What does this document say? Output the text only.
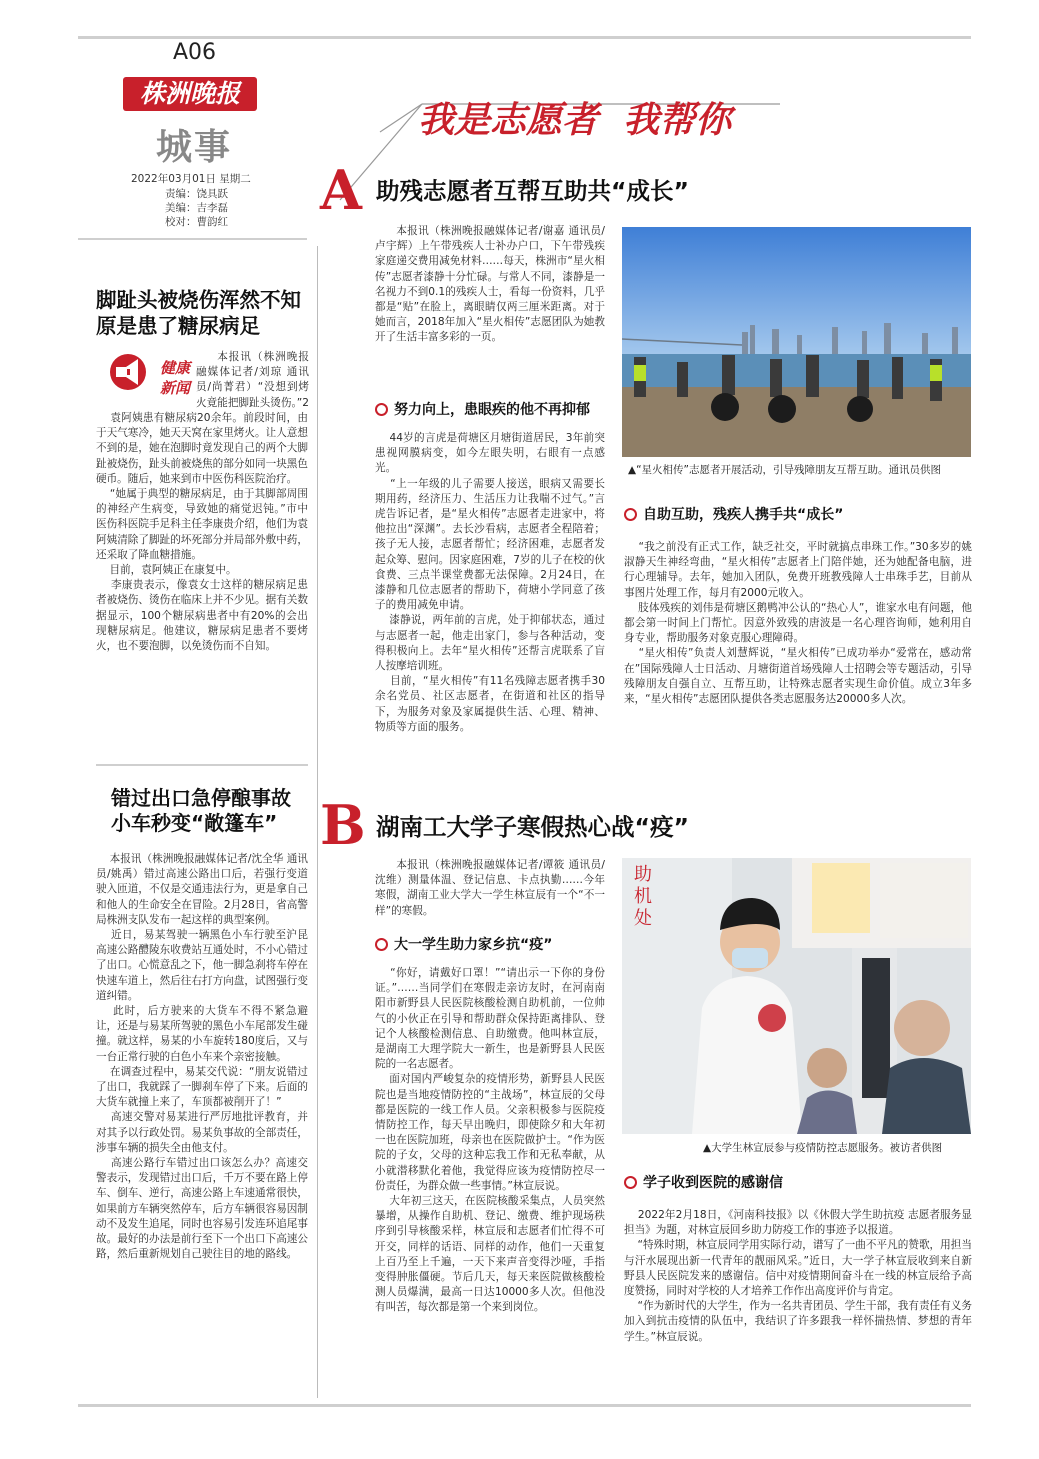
A06
株洲晚报
城事
2022年03月01日 星期二
责编：饶具跃
美编：吉李磊
校对：曹韵红
我是志愿者  我帮你
脚趾头被烧伤浑然不知
原是患了糖尿病足
健康
新闻
本报讯（株洲晚报融媒体记者/刘琼 通讯员/尚菁君）“没想到烤火竟能把脚趾头烫伤。”2
袁阿姨患有糖尿病20余年。前段时间，由于天气寒冷，她天天窝在家里烤火。让人意想不到的是，她在泡脚时竟发现自己的两个大脚趾被烧伤，趾头前被烧焦的部分如同一块黑色硬币。随后，她来到市中医伤科医院治疗。
“她属于典型的糖尿病足，由于其脚部周围的神经产生病变，导致她的痛觉迟钝。”市中医伤科医院手足科主任李康贵介绍，他们为袁阿姨清除了脚趾的坏死部分并局部外敷中药，还采取了降血糖措施。
目前，袁阿姨正在康复中。
李康贵表示，像袁女士这样的糖尿病足患者被烧伤、烫伤在临床上并不少见。据有关数据显示，100个糖尿病患者中有20%的会出现糖尿病足。他建议，糖尿病足患者不要烤火，也不要泡脚，以免烫伤而不自知。
错过出口急停酿事故
小车秒变“敞篷车”
本报讯（株洲晚报融媒体记者/沈全华 通讯员/姚禹）错过高速公路出口后，若强行变道驶入匝道，不仅是交通违法行为，更是拿自己和他人的生命安全在冒险。2月28日，省高警局株洲支队发布一起这样的典型案例。
近日，易某驾驶一辆黑色小车行驶至沪昆高速公路醴陵东收费站互通处时，不小心错过了出口。心慌意乱之下，他一脚急刹将车停在快速车道上，然后往右打方向盘，试图强行变道纠错。
此时，后方驶来的大货车不得不紧急避让，还是与易某所驾驶的黑色小车尾部发生碰撞。就这样，易某的小车旋转180度后，又与一台正常行驶的白色小车来个亲密接触。
在调查过程中，易某交代说：“朋友说错过了出口，我就踩了一脚刹车停了下来。后面的大货车就撞上来了，车顶都被削开了！”
高速交警对易某进行严厉地批评教育，并对其予以行政处罚。易某负事故的全部责任，涉事车辆的损失全由他支付。
高速公路行车错过出口该怎么办？高速交警表示，发现错过出口后，千万不要在路上停车、倒车、逆行，高速公路上车速通常很快，如果前方车辆突然停车，后方车辆很容易因制动不及发生追尾，同时也容易引发连环追尾事故。最好的办法是前行至下一个出口下高速公路，然后重新规划自己驶往目的地的路线。
A 助残志愿者互帮互助共“成长”
本报讯（株洲晚报融媒体记者/谢嘉 通讯员/卢宇辉）上午带残疾人士补办户口，下午带残疾家庭递交费用减免材料……每天，株洲市“星火相传”志愿者漆静十分忙碌。与常人不同，漆静是一名视力不到0.1的残疾人士，看每一份资料，几乎都是“贴”在脸上，离眼睛仅两三厘米距离。对于她而言，2018年加入“星火相传”志愿团队为她教开了生活丰富多彩的一页。
努力向上，患眼疾的他不再抑郁
44岁的言虎是荷塘区月塘街道居民，3年前突患视网膜病变，如今左眼失明，右眼有一点感光。
“上一年级的儿子需要人接送，眼病又需要长期用药，经济压力、生活压力让我喘不过气。”言虎告诉记者，是“星火相传”志愿者走进家中，将他拉出“深渊”。去长沙看病，志愿者全程陪着；孩子无人接，志愿者帮忙；经济困难，志愿者发起众筹、慰问。因家庭困难，7岁的儿子在校的伙食费、三点半课堂费都无法保障。2月24日，在漆静和几位志愿者的帮助下，荷塘小学同意了孩子的费用减免申请。
漆静说，两年前的言虎，处于抑郁状态，通过与志愿者一起，他走出家门，参与各种活动，变得积极向上。去年“星火相传”还帮言虎联系了盲人按摩培训班。
目前，“星火相传”有11名残障志愿者携手30余名党员、社区志愿者，在街道和社区的指导下，为服务对象及家属提供生活、心理、精神、物质等方面的服务。
▲“星火相传”志愿者开展活动，引导残障朋友互帮互助。通讯员供图
自助互助，残疾人携手共“成长”
“我之前没有正式工作，缺乏社交，平时就搞点串珠工作。”30多岁的姚淑静天生神经弯曲，“星火相传”志愿者上门陪伴她，还为她配备电脑，进行心理辅导。去年，她加入团队，免费开班教残障人士串珠手艺，目前从事图片处理工作，每月有2000元收入。
肢体残疾的刘伟是荷塘区鹅鸭冲公认的“热心人”，谁家水电有问题，他都会第一时间上门帮忙。因意外致残的唐波是一名心理咨询师，她利用自身专业，帮助服务对象克服心理障碍。
“星火相传”负责人刘慧辉说，“星火相传”已成功举办“爱常在，感动常在”国际残障人士日活动、月塘街道首场残障人士招聘会等专题活动，引导残障朋友自强自立、互帮互助，让特殊志愿者实现生命价值。成立3年多来，“星火相传”志愿团队提供各类志愿服务达20000多人次。
B 湖南工大学子寒假热心战“疫”
本报讯（株洲晚报融媒体记者/谭筱 通讯员/沈维）测量体温、登记信息、卡点执勤……今年寒假，湖南工业大学大一学生林宣辰有一个“不一样”的寒假。
大一学生助力家乡抗“疫”
“你好，请戴好口罩！”“请出示一下你的身份证。”……当同学们在寒假走亲访友时，在河南南阳市新野县人民医院核酸检测自助机前，一位帅气的小伙正在引导和帮助群众保持距离排队、登记个人核酸检测信息、自助缴费。他叫林宣辰，是湖南工大理学院大一新生，也是新野县人民医院的一名志愿者。
面对国内严峻复杂的疫情形势，新野县人民医院也是当地疫情防控的“主战场”，林宣辰的父母都是医院的一线工作人员。父亲积极参与医院疫情防控工作，每天早出晚归，即使除夕和大年初一也在医院加班，母亲也在医院做护士。“作为医院的子女，父母的这种忘我工作和无私奉献，从小就潜移默化着他，我觉得应该为疫情防控尽一份责任，为群众做一些事情。”林宣辰说。
大年初三这天，在医院核酸采集点，人员突然暴增，从操作自助机、登记、缴费、维护现场秩序到引导核酸采样，林宣辰和志愿者们忙得不可开交，同样的话语、同样的动作，他们一天重复上百乃至上千遍，一天下来声音变得沙哑，手指变得肿胀僵硬。节后几天，每天来医院做核酸检测人员爆满，最高一日达10000多人次。但他没有叫苦，每次都是第一个来到岗位。
助机处
▲大学生林宣辰参与疫情防控志愿服务。被访者供图
学子收到医院的感谢信
2022年2月18日，《河南科技报》以《休假大学生助抗疫 志愿者服务显担当》为题，对林宣辰回乡助力防疫工作的事迹予以报道。
“特殊时期，林宣辰同学用实际行动，谱写了一曲不平凡的赞歌，用担当与汗水展现出新一代青年的靓丽风采。”近日，大一学子林宣辰收到来自新野县人民医院发来的感谢信。信中对疫情期间奋斗在一线的林宣辰给予高度赞扬，同时对学校的人才培养工作作出高度评价与肯定。
“作为新时代的大学生，作为一名共青团员、学生干部，我有责任有义务加入到抗击疫情的队伍中，我结识了许多跟我一样怀揣热情、梦想的青年学生。”林宣辰说。
